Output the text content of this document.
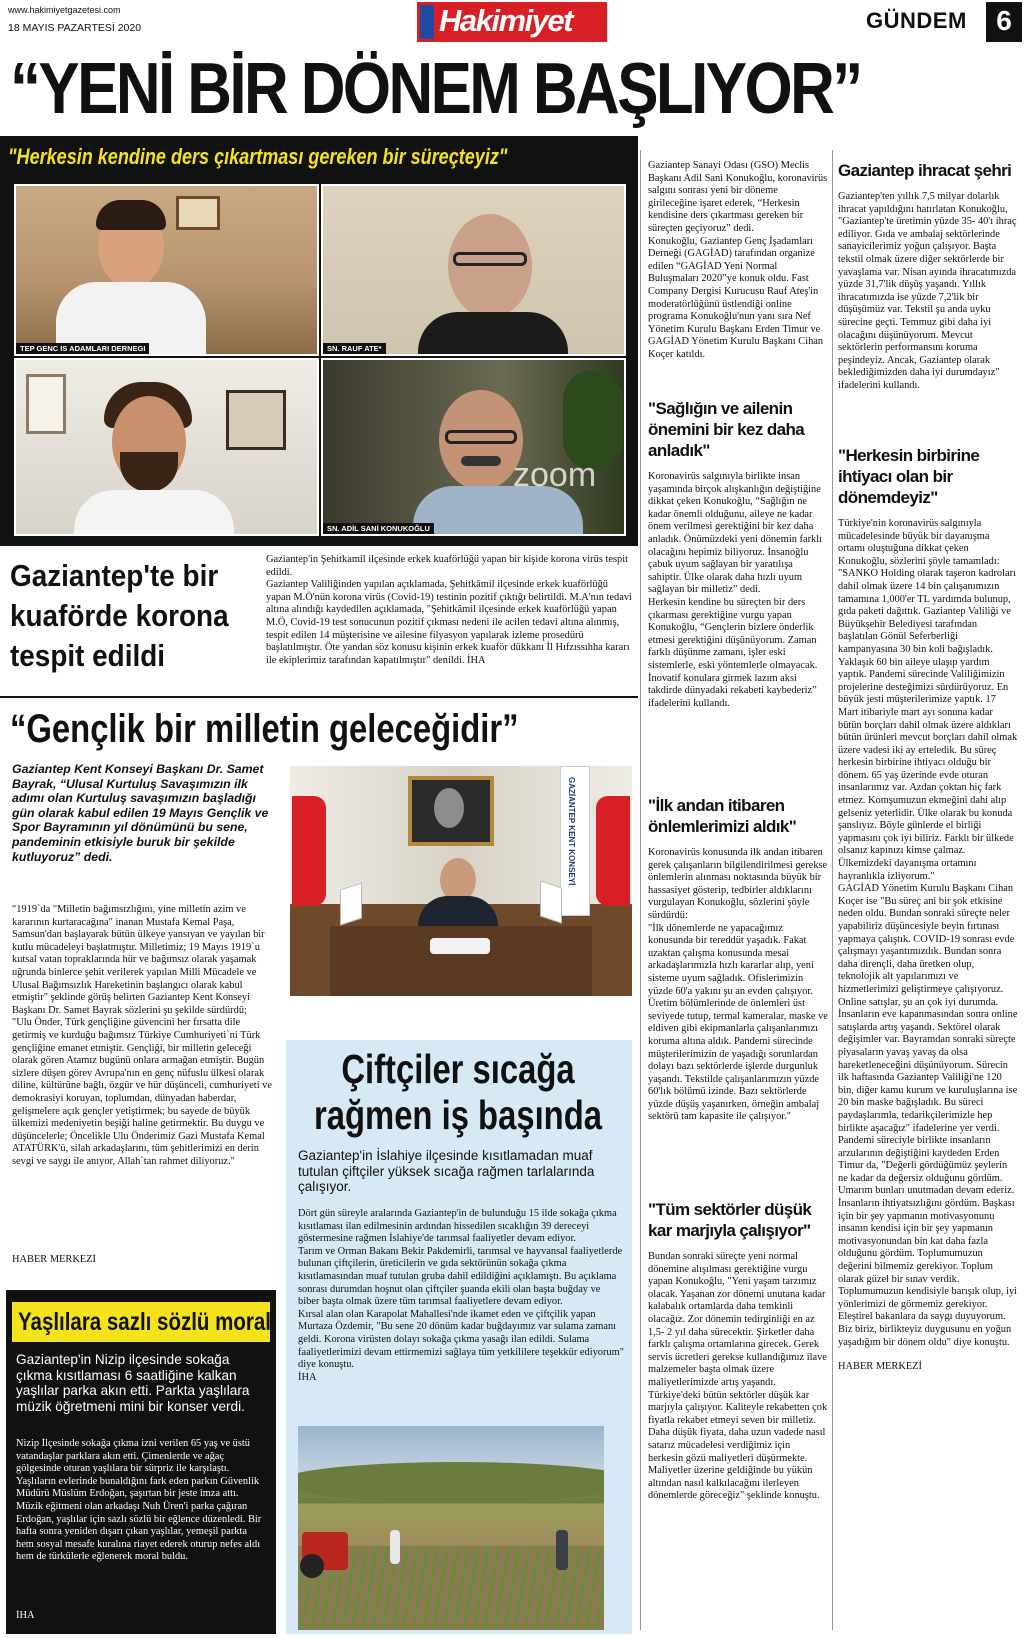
www.hakimiyetgazetesi.com
18 MAYIS PAZARTESİ 2020	Hakimiyet	GÜNDEM	6
“YENİ BİR DÖNEM BAŞLIYOR”
"Herkesin kendine ders çıkartması gereken bir süreçteyiz"
TEP GENC IS ADAMLARI DERNEGI	SN. RAUF ATE*
zoom
SN. ADİL SANİ KONUKOĞLU

Gaziantep Sanayi Odası (GSO) Meclis Başkanı Adil Sani Konukoğlu, koronavirüs salgını sonrası yeni bir döneme girileceğine işaret ederek, “Herkesin kendisine ders çıkartması gereken bir süreçten geçiyoruz” dedi.

Konukoğlu, Gaziantep Genç İşadamları Derneği (GAGİAD) tarafından organize edilen “GAGİAD Yeni Normal Buluşmaları 2020”ye konuk oldu. Fast Company Dergisi Kurucusu Rauf Ateş'in moderatörlüğünü üstlendiği online programa Konukoğlu'nun yanı sıra Nef Yönetim Kurulu Başkanı Erden Timur ve GAGİAD Yönetim Kurulu Başkanı Cihan Koçer katıldı.

"Sağlığın ve ailenin önemini bir kez daha anladık"

Koronavirüs salgınıyla birlikte insan yaşamında birçok alışkanlığın değiştiğine dikkat çeken Konukoğlu, “Sağlığın ne kadar önemli olduğunu, aileye ne kadar önem verilmesi gerektiğini bir kez daha anladık. Önümüzdeki yeni dönemin farklı olacağını hepimiz biliyoruz. İnsanoğlu çabuk uyum sağlayan bir yaratılışa sahiptir. Ülke olarak daha hızlı uyum sağlayan bir milletiz” dedi.

Herkesin kendine bu süreçten bir ders çıkarması gerektiğine vurgu yapan Konukoğlu, “Gençlerin bizlere önderlik etmesi gerektiğini düşünüyorum. Zaman farklı düşünme zamanı, işler eski sistemlerle, eski yöntemlerle olmayacak. İnovatif konulara girmek lazım aksi takdirde dünyadaki rekabeti kaybederiz” ifadelerini kullandı.

"İlk andan itibaren önlemlerimizi aldık"

Koronavirüs konusunda ilk andan itibaren gerek çalışanların bilgilendirilmesi gerekse önlemlerin alınması noktasında büyük bir hassasiyet gösterip, tedbirler aldıklarını vurgulayan Konukoğlu, sözlerini şöyle sürdürdü:

"İlk dönemlerde ne yapacağımız konusunda bir tereddüt yaşadık. Fakat uzaktan çalışma konusunda mesai arkadaşlarımızla hızlı kararlar alıp, yeni sisteme uyum sağladık. Ofislerimizin yüzde 60'a yakını şu an evden çalışıyor. Üretim bölümlerinde de önlemleri üst seviyede tutup, termal kameralar, maske ve eldiven gibi ekipmanlarla çalışanlarımızı koruma altına aldık. Pandemi sürecinde müşterilerimizin de yaşadığı sorunlardan dolayı bazı sektörlerde işlerde durgunluk yaşandı. Tekstilde çalışanlarımızın yüzde 60'lık bölümü izinde. Bazı sektörlerde yüzde düşüş yaşanırken, örneğin ambalaj sektörü tam kapasite ile çalışıyor."

"Tüm sektörler düşük kar marjıyla çalışıyor"

Bundan sonraki süreçte yeni normal dönemine alışılması gerektiğine vurgu yapan Konukoğlu, "Yeni yaşam tarzımız olacak. Yaşanan zor dönemi unutana kadar kalabalık ortamlarda daha temkinli olacağız. Zor dönemin tedirginliği en az 1,5- 2 yıl daha sürecektir. Şirketler daha farklı çalışma ortamlarına girecek. Gerek servis ücretleri gerekse kullandığımız ilave malzemeler başta olmak üzere maliyetlerimizde artış yaşandı. Türkiye'deki bütün sektörler düşük kar marjıyla çalışıyor. Kaliteyle rekabetten çok fiyatla rekabet etmeyi seven bir milletiz. Daha düşük fiyata, daha uzun vadede nasıl satarız mücadelesi verdiğimiz için herkesin gözü maliyetleri düşürmekte. Maliyetler üzerine geldiğinde bu yükün altından nasıl kalkılacağını ilerleyen dönemlerde göreceğiz" şeklinde konuştu.

Gaziantep ihracat şehri

Gaziantep'ten yıllık 7,5 milyar dolarlık ihracat yapıldığını hatırlatan Konukoğlu, "Gaziantep'te üretimin yüzde 35- 40'ı ihraç ediliyor. Gıda ve ambalaj sektörlerinde sanayicilerimiz yoğun çalışıyor. Başta tekstil olmak üzere diğer sektörlerde bir yavaşlama var. Nisan ayında ihracatımızda yüzde 31,7'lik düşüş yaşandı. Yıllık ihracatımızda ise yüzde 7,2'lik bir düşüşümüz var. Tekstil şu anda uyku sürecine geçti. Temmuz gibi daha iyi olacağını düşünüyorum. Mevcut sektörlerin performansını koruma peşindeyiz. Ancak, Gaziantep olarak beklediğimizden daha iyi durumdayız" ifadelerini kullandı.

"Herkesin birbirine ihtiyacı olan bir dönemdeyiz"

Türkiye'nin koronavirüs salgınıyla mücadelesinde büyük bir dayanışma ortamı oluştuğuna dikkat çeken Konukoğlu, sözlerini şöyle tamamladı:

"SANKO Holding olarak taşeron kadroları dahil olmak üzere 14 bin çalışanımızın tamamına 1,000'er TL yardımda bulunup, gıda paketi dağıttık. Gaziantep Valiliği ve Büyükşehir Belediyesi tarafından başlatılan Gönül Seferberliği kampanyasına 30 bin koli bağışladık. Yaklaşık 60 bin aileye ulaşıp yardım yaptık. Pandemi sürecinde Valiliğimizin projelerine desteğimizi sürdürüyoruz. En büyük jesti müşterilerimize yaptık. 17 Mart itibariyle mart ayı sonuna kadar bütün borçları dahil olmak üzere aldıkları bütün ürünleri mevcut borçları dahil olmak üzere vadesi iki ay erteledik. Bu süreç herkesin birbirine ihtiyacı olduğu bir dönem. 65 yaş üzerinde evde oturan insanlarımız var. Azdan çoktan hiç fark etmez. Komşumuzun ekmeğini dahi alıp gelseniz yeterlidir. Ülke olarak bu konuda şanslıyız. Böyle günlerde el birliği yapmasını çok iyi biliriz. Farklı bir ülkede olsanız kapınızı kimse çalmaz. Ülkemizdeki dayanışma ortamını hayranlıkla izliyorum."

GAGİAD Yönetim Kurulu Başkanı Cihan Koçer ise "Bu süreç ani bir şok etkisine neden oldu. Bundan sonraki süreçte neler yapabiliriz düşüncesiyle beyin fırtınası yapmaya çalıştık. COVID-19 sonrası evde çalışmayı yaşantımızdık. Bundan sonra daha dirençli, daha üretken olup, teknolojik alt yapılarımızı ve hizmetlerimizi geliştirmeye çalışıyoruz. Online satışlar, şu an çok iyi durumda. İnsanların eve kapanmasından sonra online satışlarda artış yaşandı. Sektörel olarak değişimler var. Bayramdan sonraki süreçte piyasaların yavaş yavaş da olsa hareketleneceğini düşünüyorum. Sürecin ilk haftasında Gaziantep Valiliği'ne 120 bin, diğer kamu kurum ve kuruluşlarına ise 20 bin maske bağışladık. Bu süreci paydaşlarımla, tedarikçilerimizle hep birlikte aşacağız" ifadelerine yer verdi.

Pandemi süreciyle birlikte insanların arzularının değiştiğini kaydeden Erden Timur da, "Değerli gördüğümüz şeylerin ne kadar da değersiz olduğunu gördüm. Umarım bunları unutmadan devam ederiz. İnsanların ihtiyatsızlığını gördüm. Başkası için bir şey yapmanın motivasyonunu insanın kendisi için bir şey yapmanın motivasyonundan bin kat daha fazla olduğunu gördüm. Toplumumuzun değerini bilmemiz gerekiyor. Toplum olarak güzel bir sınav verdik. Toplumumuzun kendisiyle barışık olup, iyi yönlerimizi de görmemiz gerekiyor. Eleştirel bakanlara da saygı duyuyorum. Biz biriz, birlikteyiz duygusunu en yoğun yaşadığım bir dönem oldu" diye konuştu.

HABER MERKEZİ

Gaziantep'te bir kuaförde korona tespit edildi
Gaziantep'in Şehitkamil ilçesinde erkek kuaförlüğü yapan bir kişide korona virüs tespit edildi.
Gaziantep Valiliğinden yapılan açıklamada, Şehitkâmil ilçesinde erkek kuaförlüğü yapan M.Ö'nün korona virüs (Covid-19) testinin pozitif çıktığı belirtildi. M.A'nın tedavi altına alındığı kaydedilen açıklamada, "Şehitkâmil ilçesinde erkek kuaförlüğü yapan M.Ö, Covid-19 test sonucunun pozitif çıkması nedeni ile acilen tedavi altına alınmış, tespit edilen 14 müşterisine ve ailesine filyasyon yapılarak izleme prosedürü başlatılmıştır. Öte yandan söz konusu kişinin erkek kuaför dükkanı İl Hıfzıssıhha kararı ile ekiplerimiz tarafından kapatılmıştır" denildi. İHA
“Gençlik bir milletin geleceğidir”
Gaziantep Kent Konseyi Başkanı Dr. Samet Bayrak, “Ulusal Kurtuluş Savaşımızın ilk adımı olan Kurtuluş savaşımızın başladığı gün olarak kabul edilen 19 Mayıs Gençlik ve Spor Bayramının yıl dönümünü bu sene, pandeminin etkisiyle buruk bir şekilde kutluyoruz” dedi.
"1919`da "Milletin bağımsızlığını, yine milletin azim ve kararının kurtaracağına" inanan Mustafa Kemal Paşa, Samsun'dan başlayarak bütün ülkeye yansıyan ve yayılan bir kutlu mücadeleyi başlatmıştır. Milletimiz; 19 Mayıs 1919`u kutsal vatan topraklarında hür ve bağımsız olarak yaşamak uğrunda binlerce şehit verilerek yapılan Milli Mücadele ve Ulusal Bağımsızlık Hareketinin başlangıcı olarak kabul etmiştir" şeklinde görüş belirten Gaziantep Kent Konseyi Başkanı Dr. Samet Bayrak sözlerini şu şekilde sürdürdü;
"Ulu Önder, Türk gençliğine güvencini her fırsatta dile getirmiş ve kurduğu bağımsız Türkiye Cumhuriyeti`ni Türk gençliğine emanet etmiştir. Gençliği, bir milletin geleceği olarak gören Atamız bugünü onlara armağan etmiştir. Bugün sizlere düşen görev Avrupa'nın en genç nüfuslu ülkesi olarak diline, kültürüne bağlı, özgür ve hür düşünceli, cumhuriyeti ve demokrasiyi koruyan, toplumdan, dünyadan haberdar, gelişmelere açık gençler yetiştirmek; bu sayede de büyük ülkemizi medeniyetin beşiği haline getirmektir. Bu duygu ve düşüncelerle; Öncelikle Ulu Önderimiz Gazi Mustafa Kemal ATATÜRK'ü, silah arkadaşlarını, tüm şehitlerimizi en derin sevgi ve saygı ile anıyor, Allah`tan rahmet diliyoruz."
HABER MERKEZİ
GAZİANTEP KENT KONSEYİ
Çiftçiler sıcağa rağmen iş başında
Gaziantep'in İslahiye ilçesinde kısıtlamadan muaf tutulan çiftçiler yüksek sıcağa rağmen tarlalarında çalışıyor.
Dört gün süreyle aralarında Gaziantep'in de bulunduğu 15 ilde sokağa çıkma kısıtlaması ilan edilmesinin ardından hissedilen sıcaklığın 39 dereceyi göstermesine rağmen İslahiye'de tarımsal faaliyetler devam ediyor.
Tarım ve Orman Bakanı Bekir Pakdemirli, tarımsal ve hayvansal faaliyetlerde bulunan çiftçilerin, üreticilerin ve gıda sektörünün sokağa çıkma kısıtlamasından muaf tutulan gruba dahil edildiğini açıklamıştı. Bu açıklama sonrası durumdan hoşnut olan çiftçiler şuanda ekili olan başta buğday ve biber başta olmak üzere tüm tarımsal faaliyetlere devam ediyor.
Kırsal alan olan Karapolat Mahallesi'nde ikamet eden ve çiftçilik yapan Murtaza Özdemir, "Bu sene 20 dönüm kadar buğdayımız var sulama zamanı geldi. Korona virüsten dolayı sokağa çıkma yasağı ilan edildi. Sulama faaliyetlerimizi devam ettirmemizi sağlaya tüm yetkililere teşekkür ediyorum" diye konuştu.
İHA
Yaşlılara sazlı sözlü moral
Gaziantep'in Nizip ilçesinde sokağa çıkma kısıtlaması 6 saatliğine kalkan yaşlılar parka akın etti. Parkta yaşlılara müzik öğretmeni mini bir konser verdi.
Nizip İlçesinde sokağa çıkma izni verilen 65 yaş ve üstü vatandaşlar parklara akın etti. Çimenlerde ve ağaç gölgesinde oturan yaşlılara bir sürpriz ile karşılaştı. Yaşlıların evlerinde bunaldığını fark eden parkın Güvenlik Müdürü Müslüm Erdoğan, şaşırtan bir jeste imza attı. Müzik eğitmeni olan arkadaşı Nuh Üren'i parka çağıran Erdoğan, yaşlılar için sazlı sözlü bir eğlence düzenledi. Bir hafta sonra yeniden dışarı çıkan yaşlılar, yemeşil parkta hem sosyal mesafe kuralına riayet ederek oturup nefes aldı hem de türkülerle eğlenerek moral buldu.
İHA
